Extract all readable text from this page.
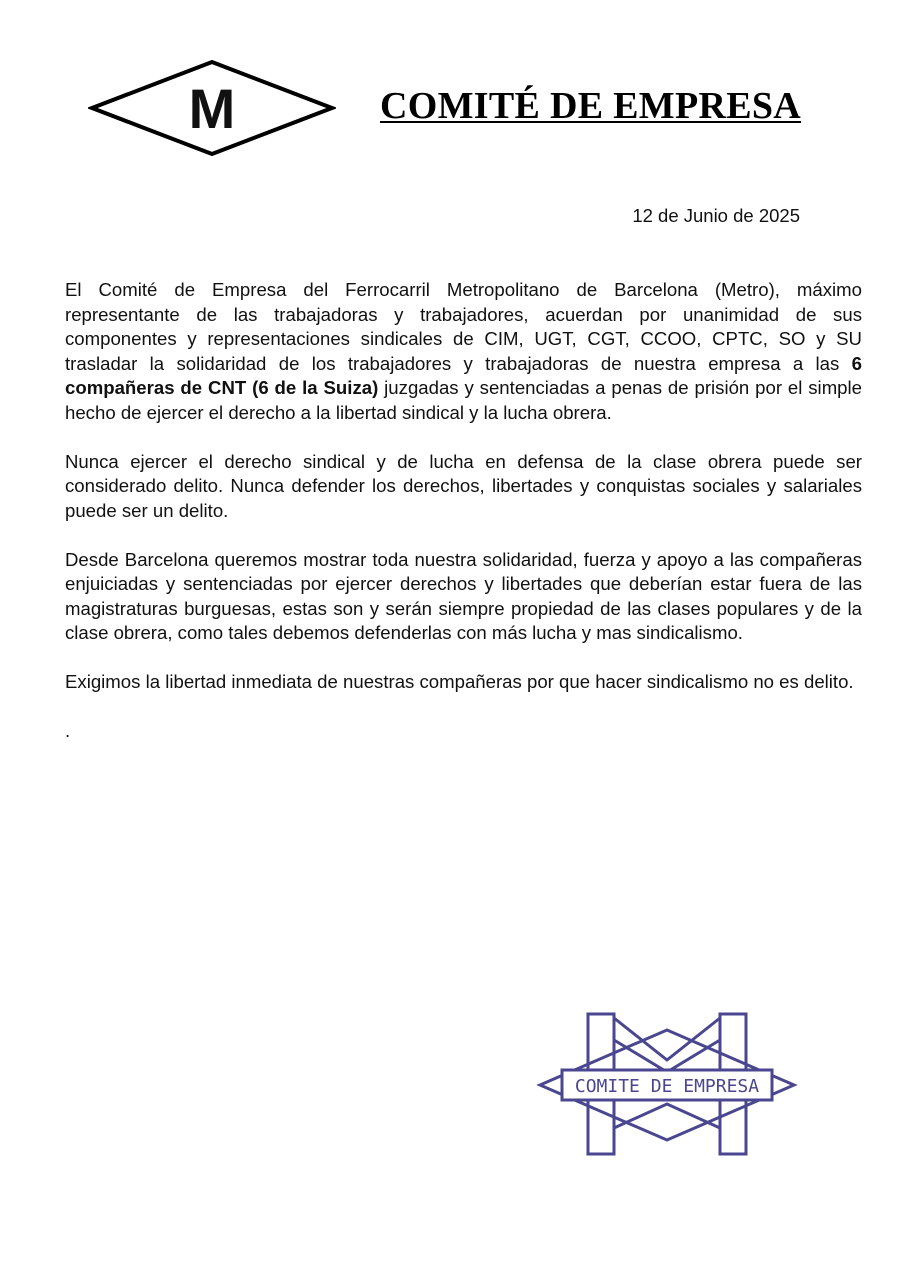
M	COMITÉ DE EMPRESA

12 de Junio de 2025

El Comité de Empresa del Ferrocarril Metropolitano de Barcelona (Metro), máximo representante de las trabajadoras y trabajadores, acuerdan por unanimidad de sus componentes y representaciones sindicales de CIM, UGT, CGT, CCOO, CPTC, SO y SU trasladar la solidaridad de los trabajadores y trabajadoras de nuestra empresa a las 6 compañeras de CNT (6 de la Suiza) juzgadas y sentenciadas a penas de prisión por el simple hecho de ejercer el derecho a la libertad sindical y la lucha obrera.

Nunca ejercer el derecho sindical y de lucha en defensa de la clase obrera puede ser considerado delito. Nunca defender los derechos, libertades y conquistas sociales y salariales puede ser un delito.

Desde Barcelona queremos mostrar toda nuestra solidaridad, fuerza y apoyo a las compañeras enjuiciadas y sentenciadas por ejercer derechos y libertades que deberían estar fuera de las magistraturas burguesas, estas son y serán siempre propiedad de las clases populares y de la clase obrera, como tales debemos defenderlas con más lucha y mas sindicalismo.

Exigimos la libertad inmediata de nuestras compañeras por que hacer sindicalismo no es delito.

.

COMITE DE EMPRESA
